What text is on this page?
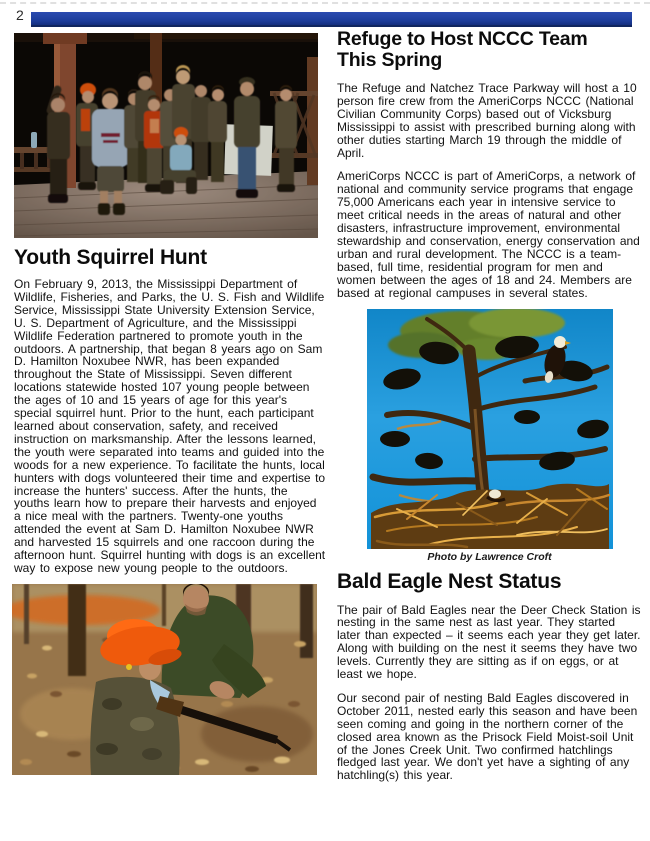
2
Youth Squirrel Hunt

On February 9, 2013, the Mississippi Department of Wildlife, Fisheries, and Parks, the U. S. Fish and Wildlife Service, Mississippi State University Extension Service, U. S. Department of Agriculture, and the Mississippi Wildlife Federation partnered to promote youth in the outdoors. A partnership, that began 8 years ago on Sam D. Hamilton Noxubee NWR, has been expanded throughout the State of Mississippi. Seven different locations statewide hosted 107 young people between the ages of 10 and 15 years of age for this year's special squirrel hunt. Prior to the hunt, each participant learned about conservation, safety, and received instruction on marksmanship. After the lessons learned, the youth were separated into teams and guided into the woods for a new experience. To facilitate the hunts, local hunters with dogs volunteered their time and expertise to increase the hunters' success. After the hunts, the youths learn how to prepare their harvests and enjoyed a nice meal with the partners. Twenty-one youths attended the event at Sam D. Hamilton Noxubee NWR and harvested 15 squirrels and one raccoon during the afternoon hunt. Squirrel hunting with dogs is an excellent way to expose new young people to the outdoors.

Refuge to Host NCCC Team This Spring

The Refuge and Natchez Trace Parkway will host a 10 person fire crew from the AmeriCorps NCCC (National Civilian Community Corps) based out of Vicksburg Mississippi to assist with prescribed burning along with other duties starting March 19 through the middle of April.

AmeriCorps NCCC is part of AmeriCorps, a network of national and community service programs that engage 75,000 Americans each year in intensive service to meet critical needs in the areas of natural and other disasters, infrastructure improvement, environmental stewardship and conservation, energy conservation and urban and rural development. The NCCC is a team-based, full time, residential program for men and women between the ages of 18 and 24. Members are based at regional campuses in several states.

Photo by Lawrence Croft
Bald Eagle Nest Status

The pair of Bald Eagles near the Deer Check Station is nesting in the same nest as last year. They started later than expected – it seems each year they get later. Along with building on the nest it seems they have two levels. Currently they are sitting as if on eggs, or at least we hope.

Our second pair of nesting Bald Eagles discovered in October 2011, nested early this season and have been seen coming and going in the northern corner of the closed area known as the Prisock Field Moist-soil Unit of the Jones Creek Unit. Two confirmed hatchlings fledged last year. We don't yet have a sighting of any hatchling(s) this year.
